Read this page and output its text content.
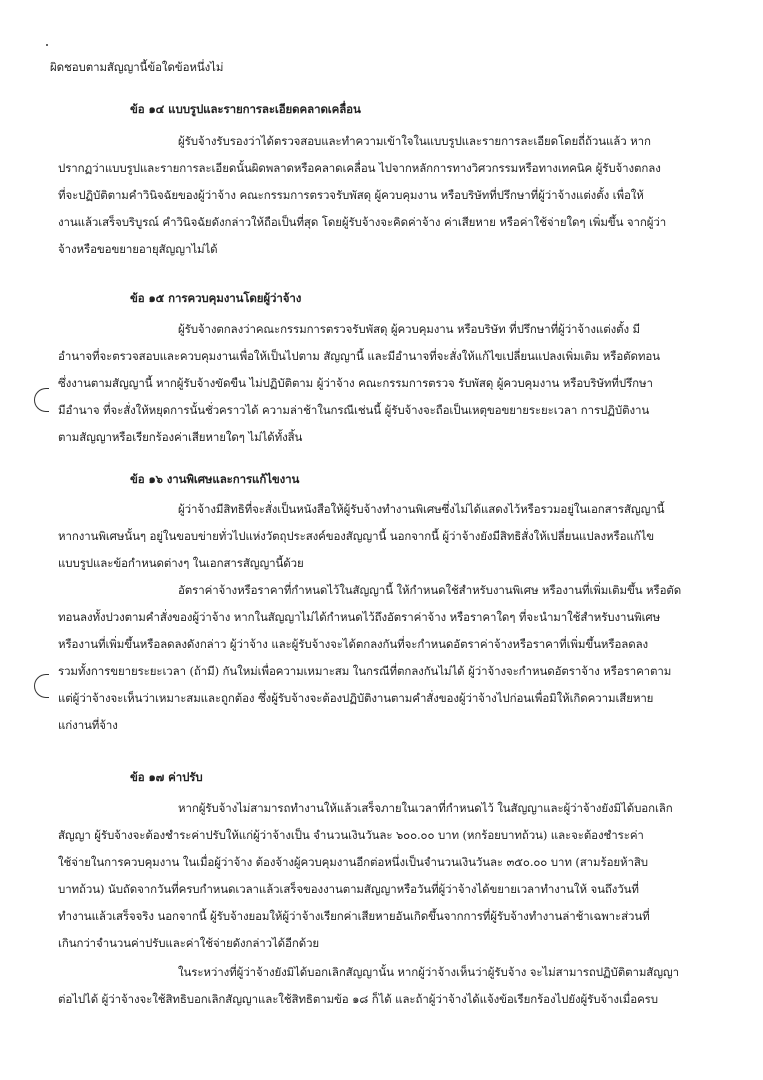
ผิดชอบตามสัญญานี้ข้อใดข้อหนึ่งไม่
ข้อ ๑๔ แบบรูปและรายการละเอียดคลาดเคลื่อน
ผู้รับจ้างรับรองว่าได้ตรวจสอบและทำความเข้าใจในแบบรูปและรายการละเอียดโดยถี่ถ้วนแล้ว หาก
ปรากฏว่าแบบรูปและรายการละเอียดนั้นผิดพลาดหรือคลาดเคลื่อน ไปจากหลักการทางวิศวกรรมหรือทางเทคนิค ผู้รับจ้างตกลง
ที่จะปฏิบัติตามคำวินิจฉัยของผู้ว่าจ้าง คณะกรรมการตรวจรับพัสดุ ผู้ควบคุมงาน หรือบริษัทที่ปรึกษาที่ผู้ว่าจ้างแต่งตั้ง เพื่อให้
งานแล้วเสร็จบริบูรณ์ คำวินิจฉัยดังกล่าวให้ถือเป็นที่สุด โดยผู้รับจ้างจะคิดค่าจ้าง ค่าเสียหาย หรือค่าใช้จ่ายใดๆ เพิ่มขึ้น จากผู้ว่า
จ้างหรือขอขยายอายุสัญญาไม่ได้
ข้อ ๑๕ การควบคุมงานโดยผู้ว่าจ้าง
ผู้รับจ้างตกลงว่าคณะกรรมการตรวจรับพัสดุ ผู้ควบคุมงาน หรือบริษัท ที่ปรึกษาที่ผู้ว่าจ้างแต่งตั้ง มี
อำนาจที่จะตรวจสอบและควบคุมงานเพื่อให้เป็นไปตาม สัญญานี้ และมีอำนาจที่จะสั่งให้แก้ไขเปลี่ยนแปลงเพิ่มเติม หรือตัดทอน
ซึ่งงานตามสัญญานี้ หากผู้รับจ้างขัดขืน ไม่ปฏิบัติตาม ผู้ว่าจ้าง คณะกรรมการตรวจ รับพัสดุ ผู้ควบคุมงาน หรือบริษัทที่ปรึกษา
มีอำนาจ ที่จะสั่งให้หยุดการนั้นชั่วคราวได้ ความล่าช้าในกรณีเช่นนี้ ผู้รับจ้างจะถือเป็นเหตุขอขยายระยะเวลา การปฏิบัติงาน
ตามสัญญาหรือเรียกร้องค่าเสียหายใดๆ ไม่ได้ทั้งสิ้น
ข้อ ๑๖ งานพิเศษและการแก้ไขงาน
ผู้ว่าจ้างมีสิทธิที่จะสั่งเป็นหนังสือให้ผู้รับจ้างทำงานพิเศษซึ่งไม่ได้แสดงไว้หรือรวมอยู่ในเอกสารสัญญานี้
หากงานพิเศษนั้นๆ อยู่ในขอบข่ายทั่วไปแห่งวัตถุประสงค์ของสัญญานี้ นอกจากนี้ ผู้ว่าจ้างยังมีสิทธิสั่งให้เปลี่ยนแปลงหรือแก้ไข
แบบรูปและข้อกำหนดต่างๆ ในเอกสารสัญญานี้ด้วย
อัตราค่าจ้างหรือราคาที่กำหนดไว้ในสัญญานี้ ให้กำหนดใช้สำหรับงานพิเศษ หรืองานที่เพิ่มเติมขึ้น หรือตัด
ทอนลงทั้งปวงตามคำสั่งของผู้ว่าจ้าง หากในสัญญาไม่ได้กำหนดไว้ถึงอัตราค่าจ้าง หรือราคาใดๆ ที่จะนำมาใช้สำหรับงานพิเศษ
หรืองานที่เพิ่มขึ้นหรือลดลงดังกล่าว ผู้ว่าจ้าง และผู้รับจ้างจะได้ตกลงกันที่จะกำหนดอัตราค่าจ้างหรือราคาที่เพิ่มขึ้นหรือลดลง
รวมทั้งการขยายระยะเวลา (ถ้ามี) กันใหม่เพื่อความเหมาะสม ในกรณีที่ตกลงกันไม่ได้ ผู้ว่าจ้างจะกำหนดอัตราจ้าง หรือราคาตาม
แต่ผู้ว่าจ้างจะเห็นว่าเหมาะสมและถูกต้อง ซึ่งผู้รับจ้างจะต้องปฏิบัติงานตามคำสั่งของผู้ว่าจ้างไปก่อนเพื่อมิให้เกิดความเสียหาย
แก่งานที่จ้าง
ข้อ ๑๗ ค่าปรับ
หากผู้รับจ้างไม่สามารถทำงานให้แล้วเสร็จภายในเวลาที่กำหนดไว้ ในสัญญาและผู้ว่าจ้างยังมิได้บอกเลิก
สัญญา ผู้รับจ้างจะต้องชำระค่าปรับให้แก่ผู้ว่าจ้างเป็น จำนวนเงินวันละ ๖๐๐.๐๐ บาท (หกร้อยบาทถ้วน) และจะต้องชำระค่า
ใช้จ่ายในการควบคุมงาน ในเมื่อผู้ว่าจ้าง ต้องจ้างผู้ควบคุมงานอีกต่อหนึ่งเป็นจำนวนเงินวันละ ๓๕๐.๐๐ บาท (สามร้อยห้าสิบ
บาทถ้วน) นับถัดจากวันที่ครบกำหนดเวลาแล้วเสร็จของงานตามสัญญาหรือวันที่ผู้ว่าจ้างได้ขยายเวลาทำงานให้ จนถึงวันที่
ทำงานแล้วเสร็จจริง นอกจากนี้ ผู้รับจ้างยอมให้ผู้ว่าจ้างเรียกค่าเสียหายอันเกิดขึ้นจากการที่ผู้รับจ้างทำงานล่าช้าเฉพาะส่วนที่
เกินกว่าจำนวนค่าปรับและค่าใช้จ่ายดังกล่าวได้อีกด้วย
ในระหว่างที่ผู้ว่าจ้างยังมิได้บอกเลิกสัญญานั้น หากผู้ว่าจ้างเห็นว่าผู้รับจ้าง จะไม่สามารถปฏิบัติตามสัญญา
ต่อไปได้ ผู้ว่าจ้างจะใช้สิทธิบอกเลิกสัญญาและใช้สิทธิตามข้อ ๑๘ ก็ได้ และถ้าผู้ว่าจ้างได้แจ้งข้อเรียกร้องไปยังผู้รับจ้างเมื่อครบ
